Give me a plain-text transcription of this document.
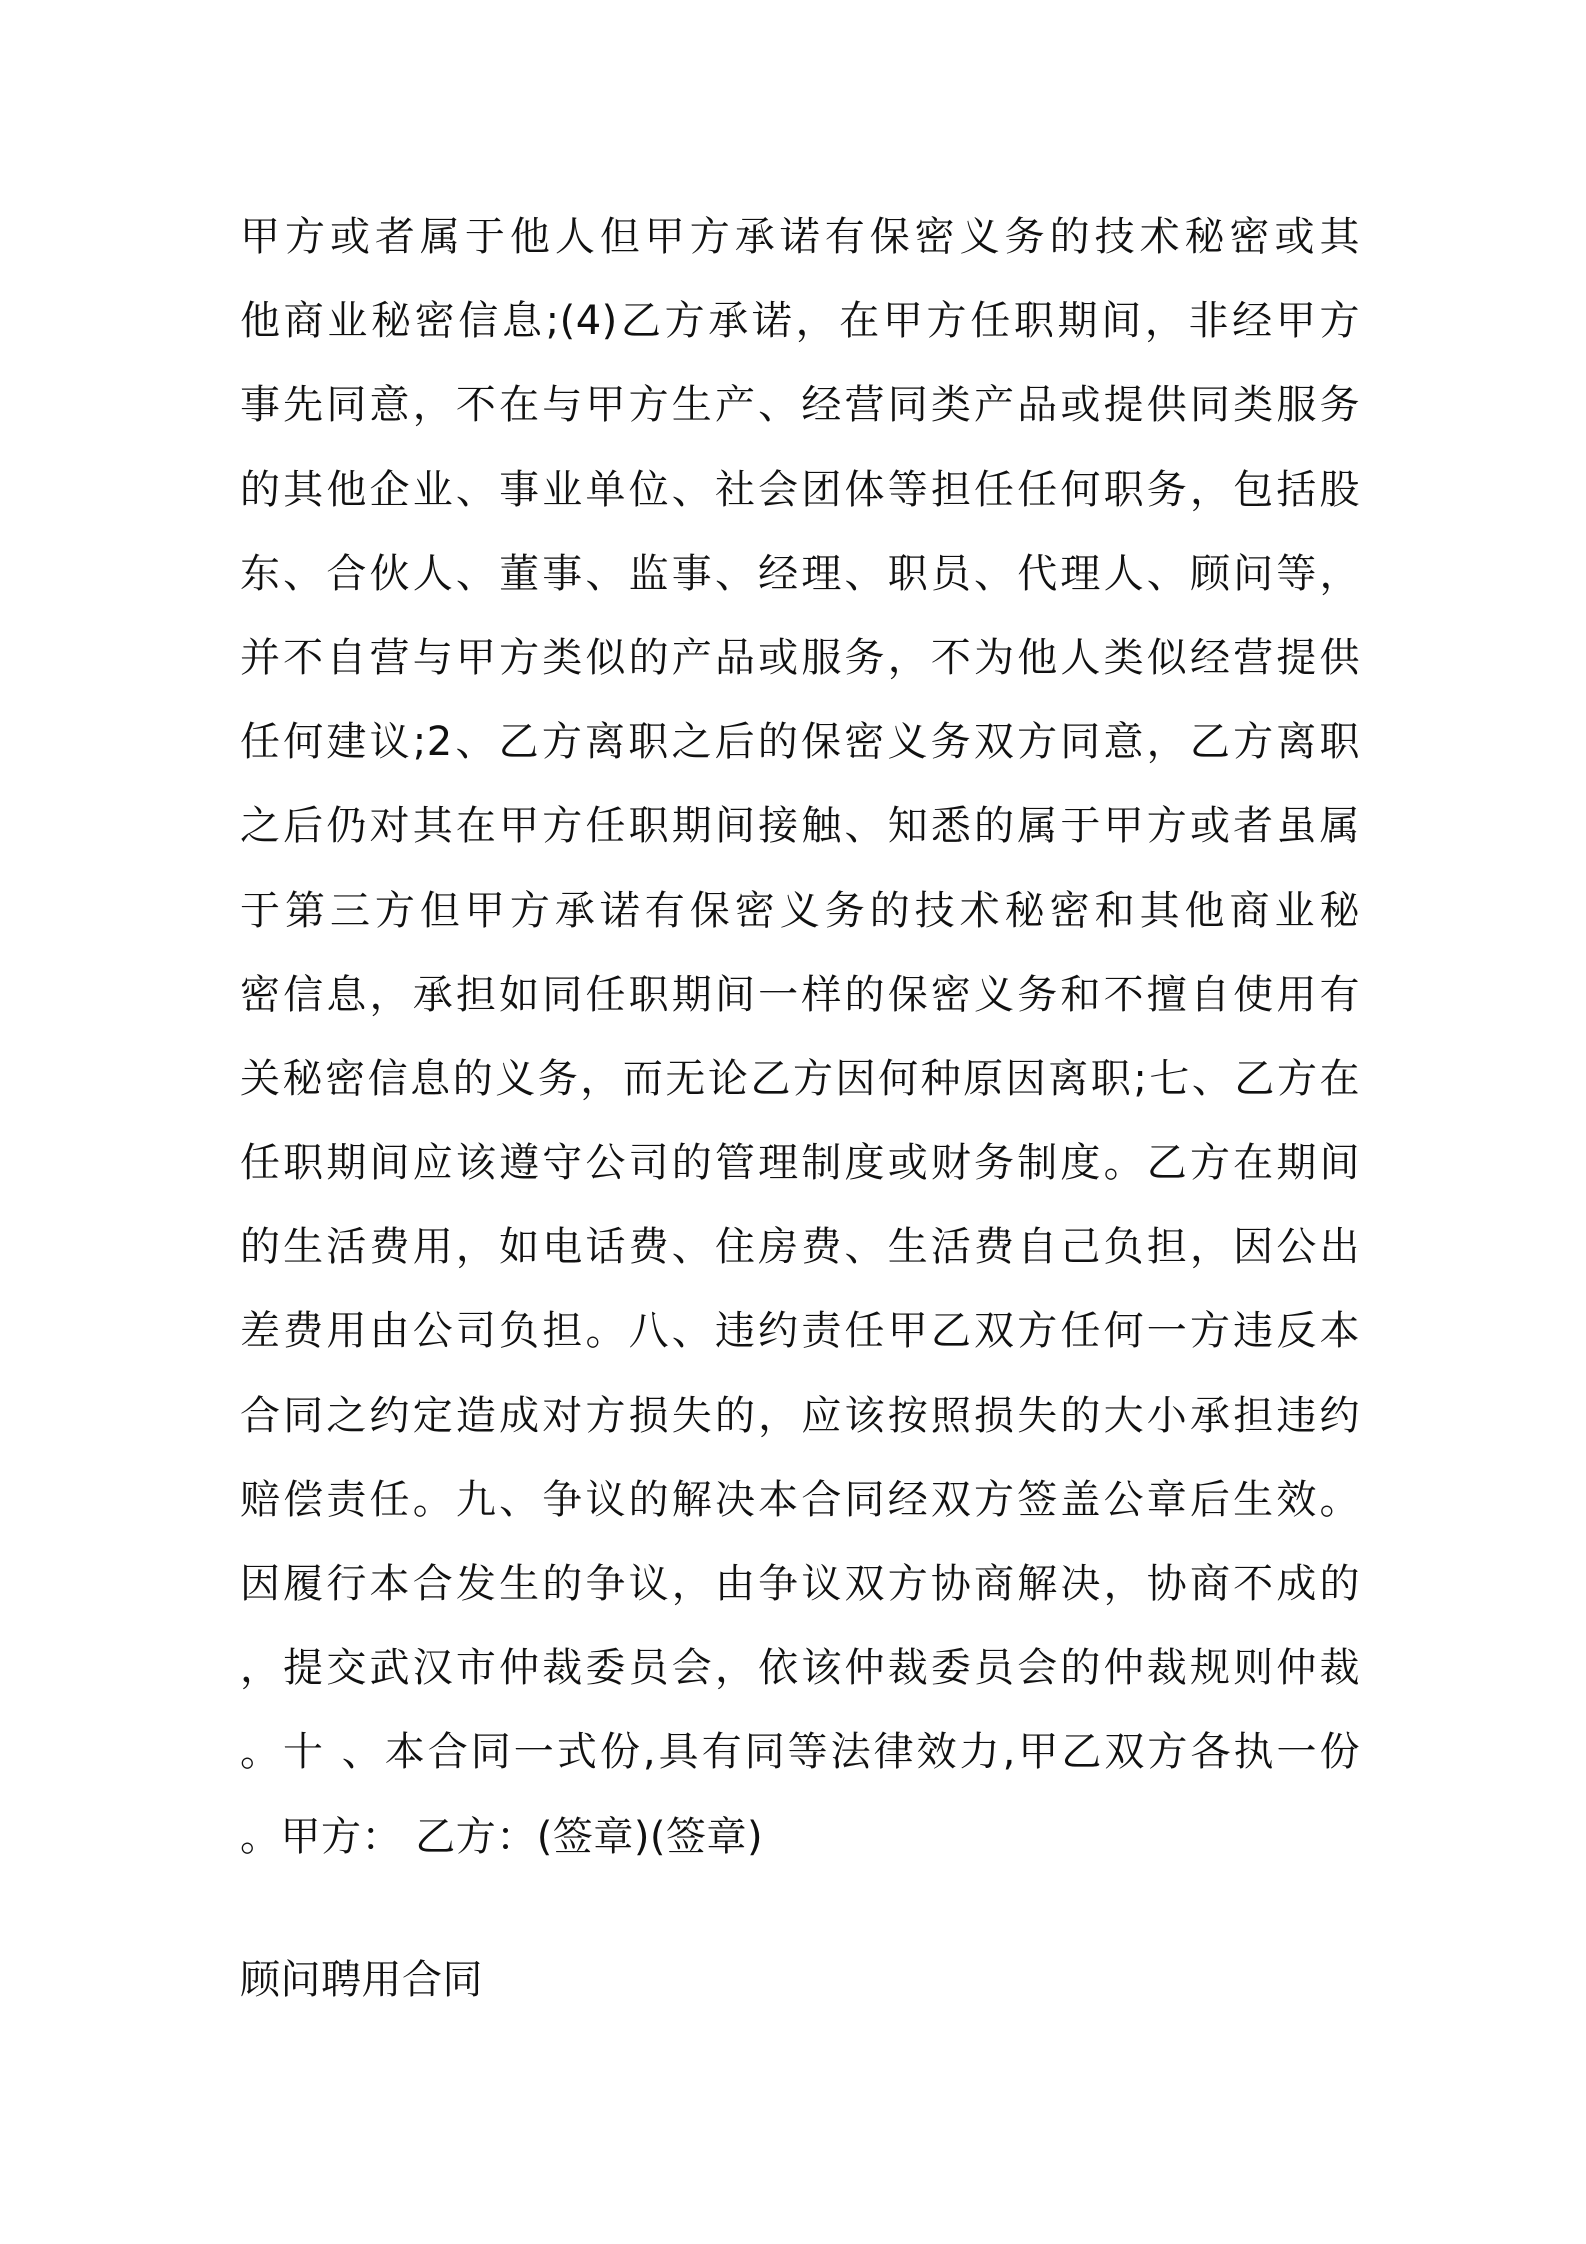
甲方或者属于他人但甲方承诺有保密义务的技术秘密或其
他商业秘密信息;(4)乙方承诺，在甲方任职期间，非经甲方
事先同意，不在与甲方生产、经营同类产品或提供同类服务
的其他企业、事业单位、社会团体等担任任何职务，包括股
东、合伙人、董事、监事、经理、职员、代理人、顾问等，
并不自营与甲方类似的产品或服务，不为他人类似经营提供
任何建议;2、乙方离职之后的保密义务双方同意，乙方离职
之后仍对其在甲方任职期间接触、知悉的属于甲方或者虽属
于第三方但甲方承诺有保密义务的技术秘密和其他商业秘
密信息，承担如同任职期间一样的保密义务和不擅自使用有
关秘密信息的义务，而无论乙方因何种原因离职;七、乙方在
任职期间应该遵守公司的管理制度或财务制度。乙方在期间
的生活费用，如电话费、住房费、生活费自己负担，因公出
差费用由公司负担。八、违约责任甲乙双方任何一方违反本
合同之约定造成对方损失的，应该按照损失的大小承担违约
赔偿责任。九、争议的解决本合同经双方签盖公章后生效。
因履行本合发生的争议，由争议双方协商解决，协商不成的
，提交武汉市仲裁委员会，依该仲裁委员会的仲裁规则仲裁
。十 、本合同一式份,具有同等法律效力,甲乙双方各执一份
。甲方： 乙方：(签章)(签章)
顾问聘用合同
